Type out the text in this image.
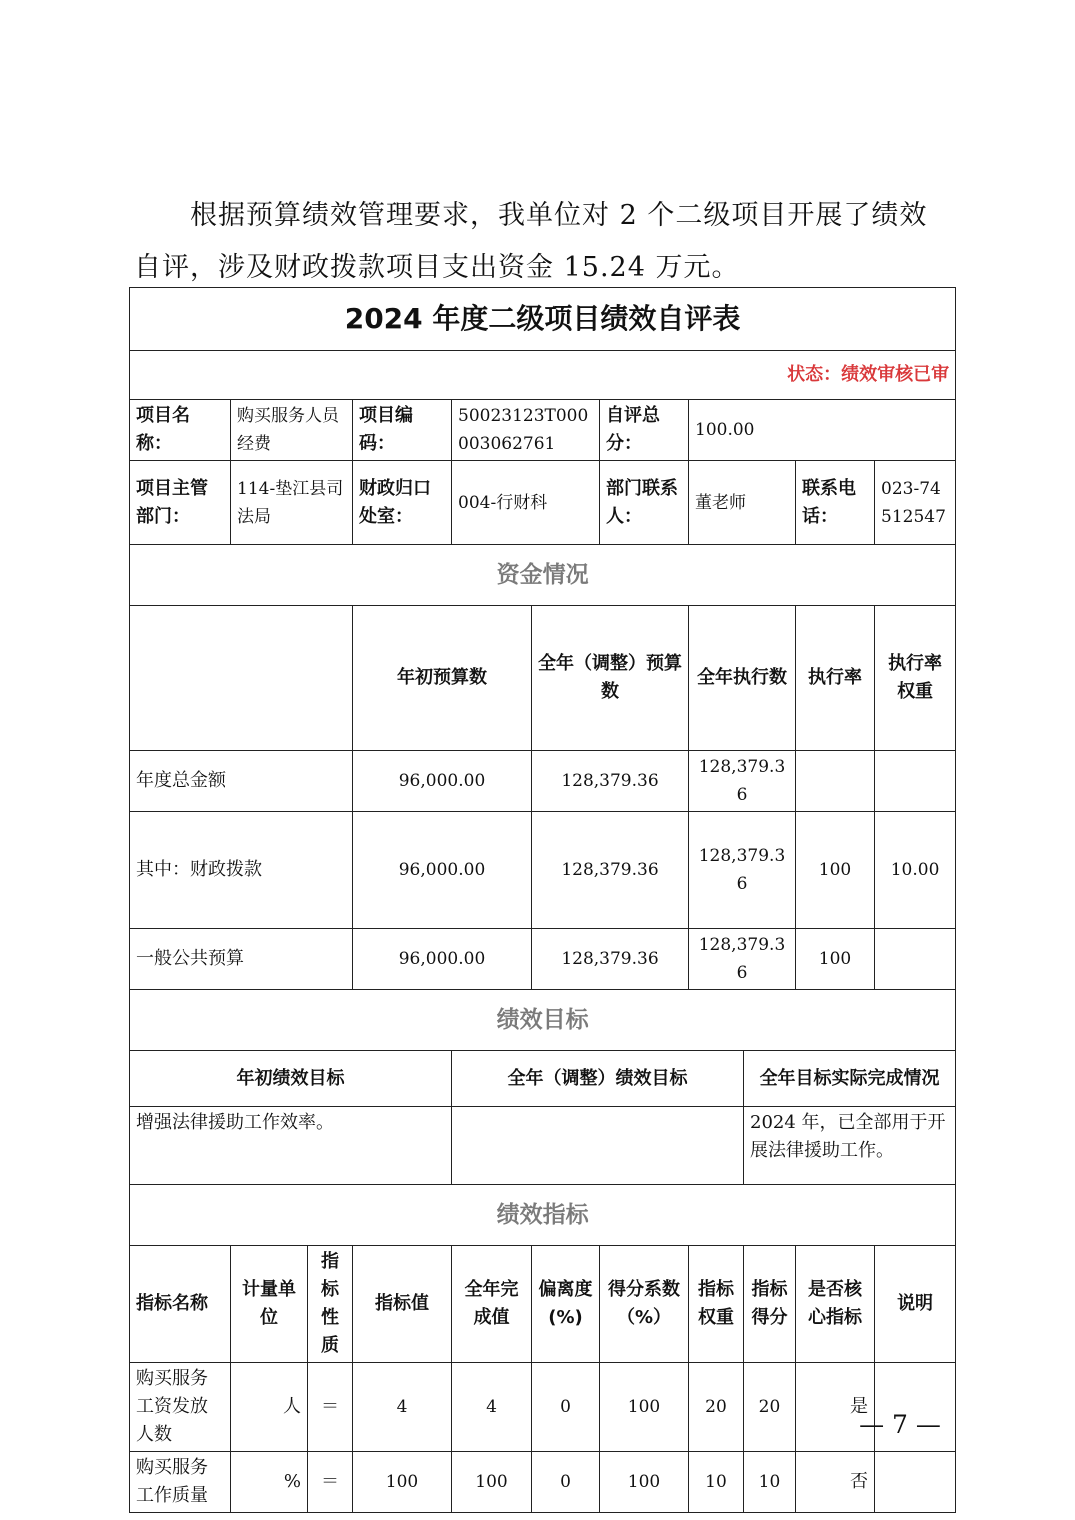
根据预算绩效管理要求，我单位对 2 个二级项目开展了绩效自评，涉及财政拨款项目支出资金 15.24 万元。

2024 年度二级项目绩效自评表											
状态：绩效审核已审											
项目名称：	购买服务人员经费		项目编码：	50023123T000003062761		自评总分：	100.00				
项目主管部门：	114-垫江县司法局		财政归口处室：	004-行财科		部门联系人：	董老师		联系电话：	023-74512547	
资金情况											
			年初预算数		全年（调整）预算数		全年执行数		执行率	执行率权重	
年度总金额			96,000.00		128,379.36		128,379.36				
其中：财政拨款			96,000.00		128,379.36		128,379.36		100	10.00	
一般公共预算			96,000.00		128,379.36		128,379.36		100		
绩效目标											
年初绩效目标				全年（调整）绩效目标				全年目标实际完成情况			
增强法律援助工作效率。								2024 年，已全部用于开展法律援助工作。			
绩效指标											
指标名称	计量单位	指标性质	指标值	全年完成值	偏离度(%)	得分系数（%）	指标权重	指标得分	是否核心指标	说明	
购买服务工资发放人数	人	＝	4	4	0	100	20	20	是		
购买服务工作质量	%	＝	100	100	0	100	10	10	否		
— 7 —
